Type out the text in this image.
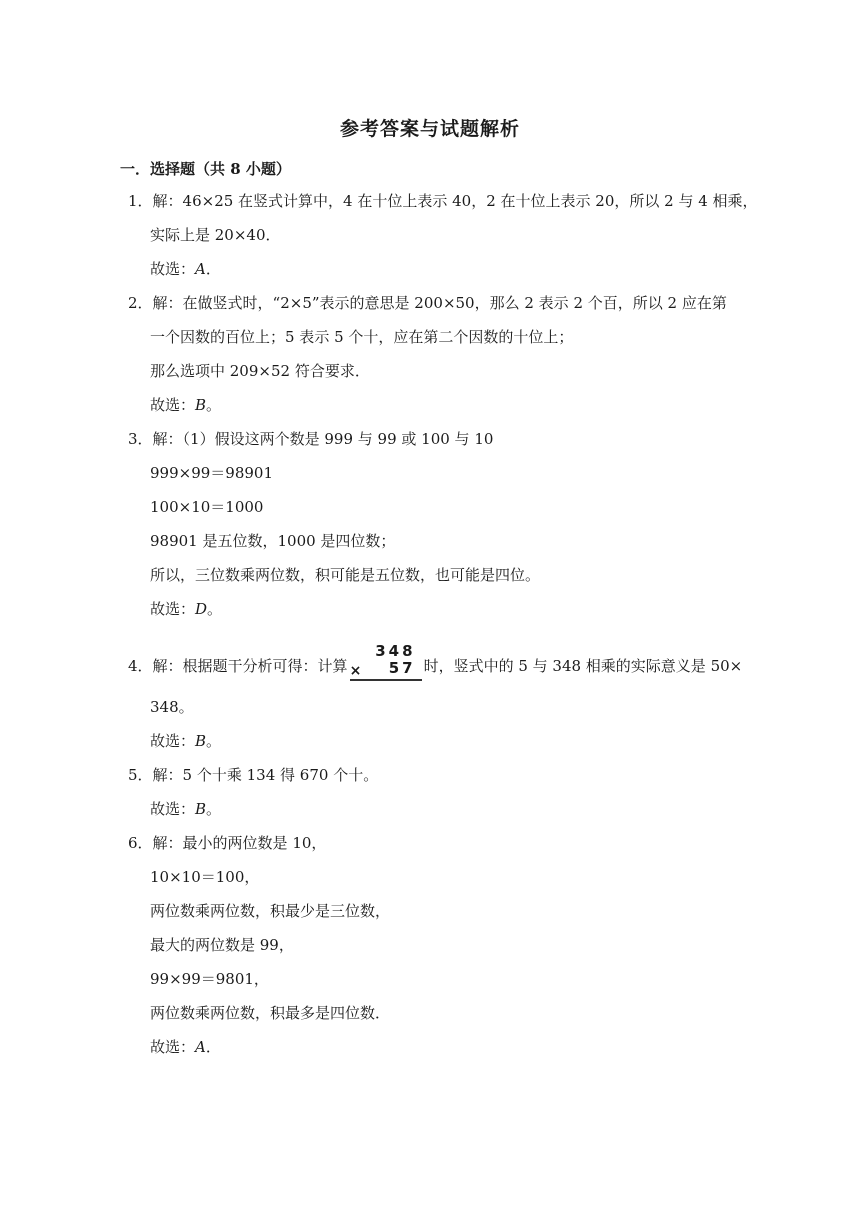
参考答案与试题解析
一．选择题（共 8 小题）
1．解：46×25 在竖式计算中，4 在十位上表示 40，2 在十位上表示 20，所以 2 与 4 相乘，
实际上是 20×40．
故选：A．
2．解：在做竖式时，“2×5”表示的意思是 200×50，那么 2 表示 2 个百，所以 2 应在第
一个因数的百位上；5 表示 5 个十，应在第二个因数的十位上；
那么选项中 209×52 符合要求．
故选：B。
3．解：（1）假设这两个数是 999 与 99 或 100 与 10
999×99＝98901
100×10＝1000
98901 是五位数，1000 是四位数；
所以，三位数乘两位数，积可能是五位数，也可能是四位。
故选：D。
4．解：根据题干分析可得：计算
348
× 57 时，竖式中的 5 与 348 相乘的实际意义是 50×
348。
故选：B。
5．解：5 个十乘 134 得 670 个十。
故选：B。
6．解：最小的两位数是 10，
10×10＝100，
两位数乘两位数，积最少是三位数，
最大的两位数是 99，
99×99＝9801，
两位数乘两位数，积最多是四位数．
故选：A．
